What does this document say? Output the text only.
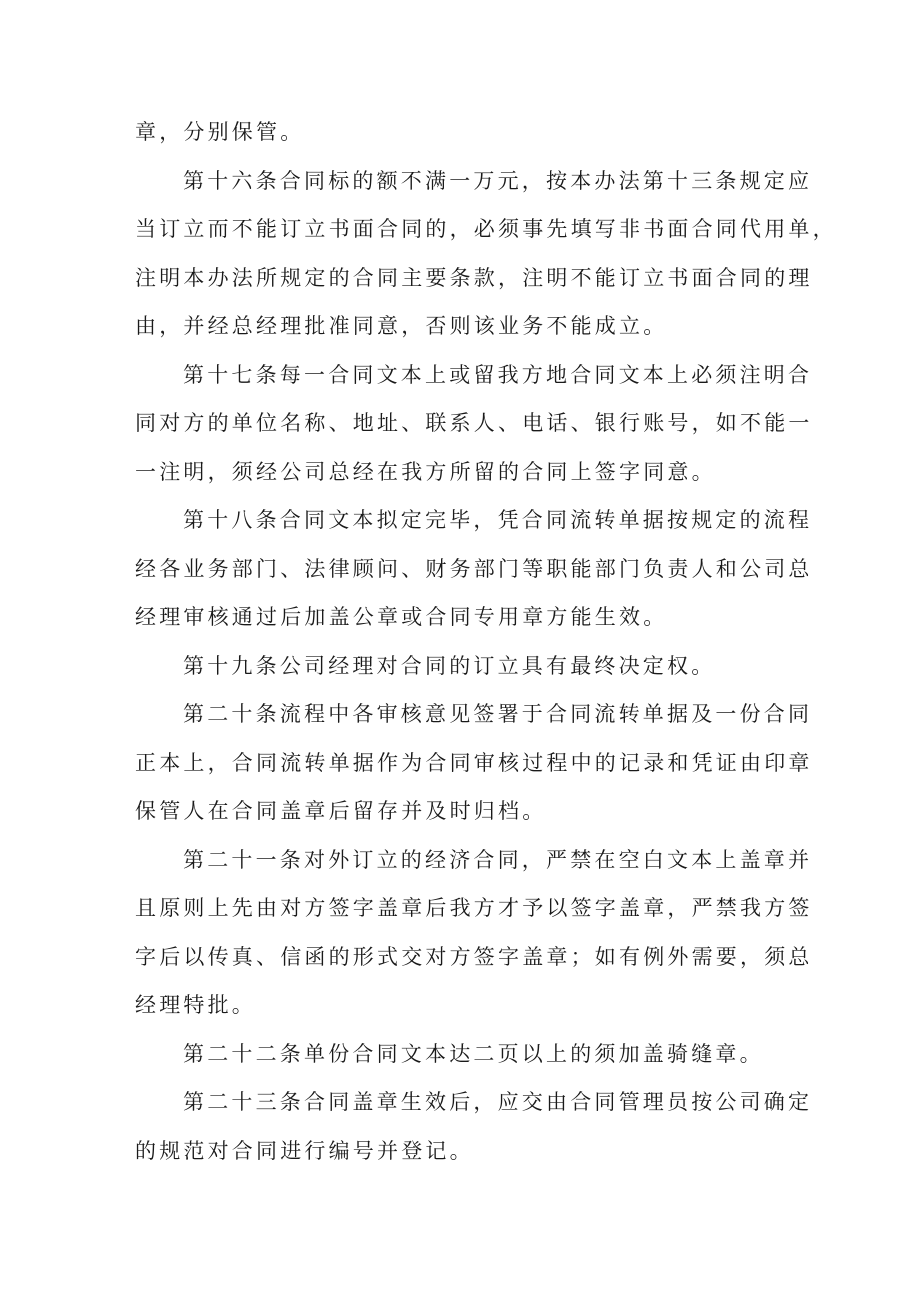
章，分别保管。

第十六条合同标的额不满一万元，按本办法第十三条规定应
当订立而不能订立书面合同的，必须事先填写非书面合同代用单，
注明本办法所规定的合同主要条款，注明不能订立书面合同的理
由，并经总经理批准同意，否则该业务不能成立。

第十七条每一合同文本上或留我方地合同文本上必须注明合
同对方的单位名称、地址、联系人、电话、银行账号，如不能一
一注明，须经公司总经在我方所留的合同上签字同意。

第十八条合同文本拟定完毕，凭合同流转单据按规定的流程
经各业务部门、法律顾问、财务部门等职能部门负责人和公司总
经理审核通过后加盖公章或合同专用章方能生效。

第十九条公司经理对合同的订立具有最终决定权。

第二十条流程中各审核意见签署于合同流转单据及一份合同
正本上，合同流转单据作为合同审核过程中的记录和凭证由印章
保管人在合同盖章后留存并及时归档。

第二十一条对外订立的经济合同，严禁在空白文本上盖章并
且原则上先由对方签字盖章后我方才予以签字盖章，严禁我方签
字后以传真、信函的形式交对方签字盖章；如有例外需要，须总
经理特批。

第二十二条单份合同文本达二页以上的须加盖骑缝章。

第二十三条合同盖章生效后，应交由合同管理员按公司确定
的规范对合同进行编号并登记。
